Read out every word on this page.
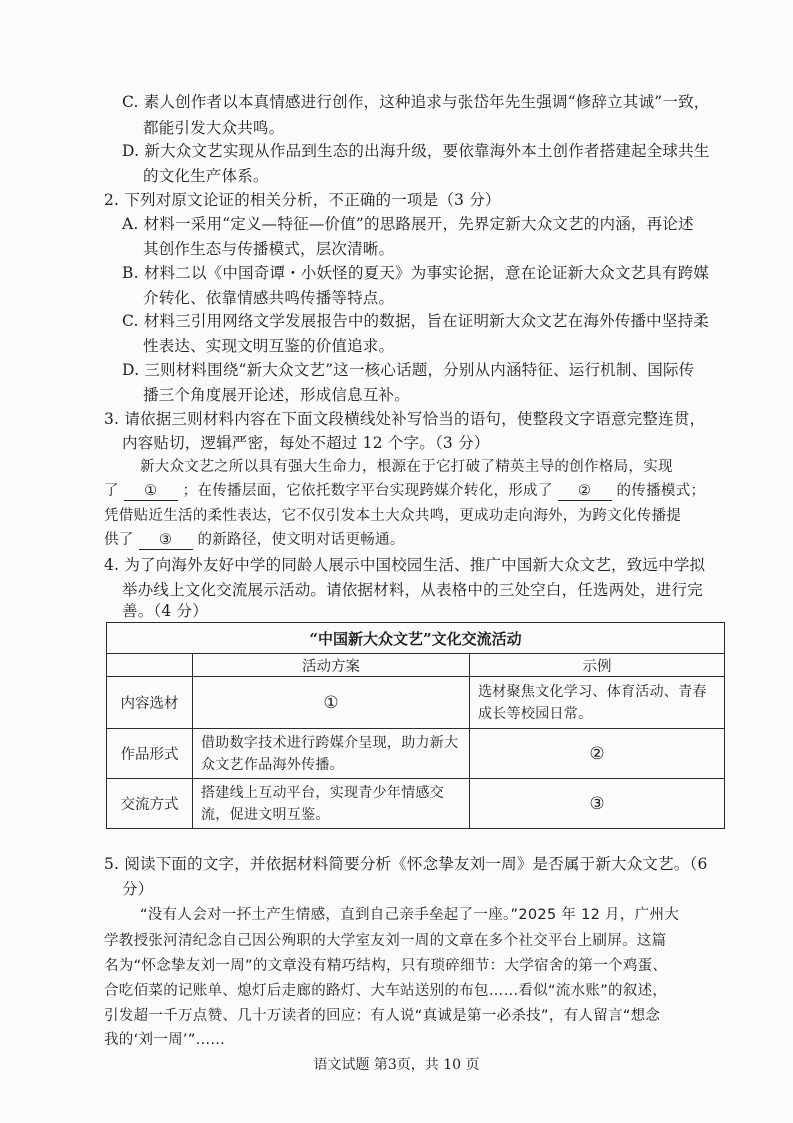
C. 素人创作者以本真情感进行创作，这种追求与张岱年先生强调“修辞立其诚”一致，
都能引发大众共鸣。
D. 新大众文艺实现从作品到生态的出海升级，要依靠海外本土创作者搭建起全球共生
的文化生产体系。
2. 下列对原文论证的相关分析，不正确的一项是（3 分）
A. 材料一采用“定义—特征—价值”的思路展开，先界定新大众文艺的内涵，再论述
其创作生态与传播模式，层次清晰。
B. 材料二以《中国奇谭・小妖怪的夏天》为事实论据，意在论证新大众文艺具有跨媒
介转化、依靠情感共鸣传播等特点。
C. 材料三引用网络文学发展报告中的数据，旨在证明新大众文艺在海外传播中坚持柔
性表达、实现文明互鉴的价值追求。
D. 三则材料围绕“新大众文艺”这一核心话题，分别从内涵特征、运行机制、国际传
播三个角度展开论述，形成信息互补。
3. 请依据三则材料内容在下面文段横线处补写恰当的语句，使整段文字语意完整连贯，
内容贴切，逻辑严密，每处不超过 12 个字。（3 分）
新大众文艺之所以具有强大生命力，根源在于它打破了精英主导的创作格局，实现
了 ① ；在传播层面，它依托数字平台实现跨媒介转化，形成了 ② 的传播模式；
凭借贴近生活的柔性表达，它不仅引发本土大众共鸣，更成功走向海外，为跨文化传播提
供了 ③ 的新路径，使文明对话更畅通。
4. 为了向海外友好中学的同龄人展示中国校园生活、推广中国新大众文艺，致远中学拟
举办线上文化交流展示活动。请依据材料，从表格中的三处空白，任选两处，进行完
善。（4 分）
“中国新大众文艺”文化交流活动		
	活动方案	示例
内容选材	①	选材聚焦文化学习、体育活动、青春成长等校园日常。
作品形式	借助数字技术进行跨媒介呈现，助力新大众文艺作品海外传播。	②
交流方式	搭建线上互动平台，实现青少年情感交流，促进文明互鉴。	③
5. 阅读下面的文字，并依据材料简要分析《怀念挚友刘一周》是否属于新大众文艺。（6
分）
“没有人会对一抔土产生情感，直到自己亲手垒起了一座。”2025 年 12 月，广州大
学教授张河清纪念自己因公殉职的大学室友刘一周的文章在多个社交平台上刷屏。这篇
名为“怀念挚友刘一周”的文章没有精巧结构，只有琐碎细节：大学宿舍的第一个鸡蛋、
合吃佰菜的记账单、熄灯后走廊的路灯、大车站送别的布包……看似“流水账”的叙述，
引发超一千万点赞、几十万读者的回应：有人说“真诚是第一必杀技”，有人留言“想念
我的‘刘一周’”……
语文试题 第3页，共 10 页
